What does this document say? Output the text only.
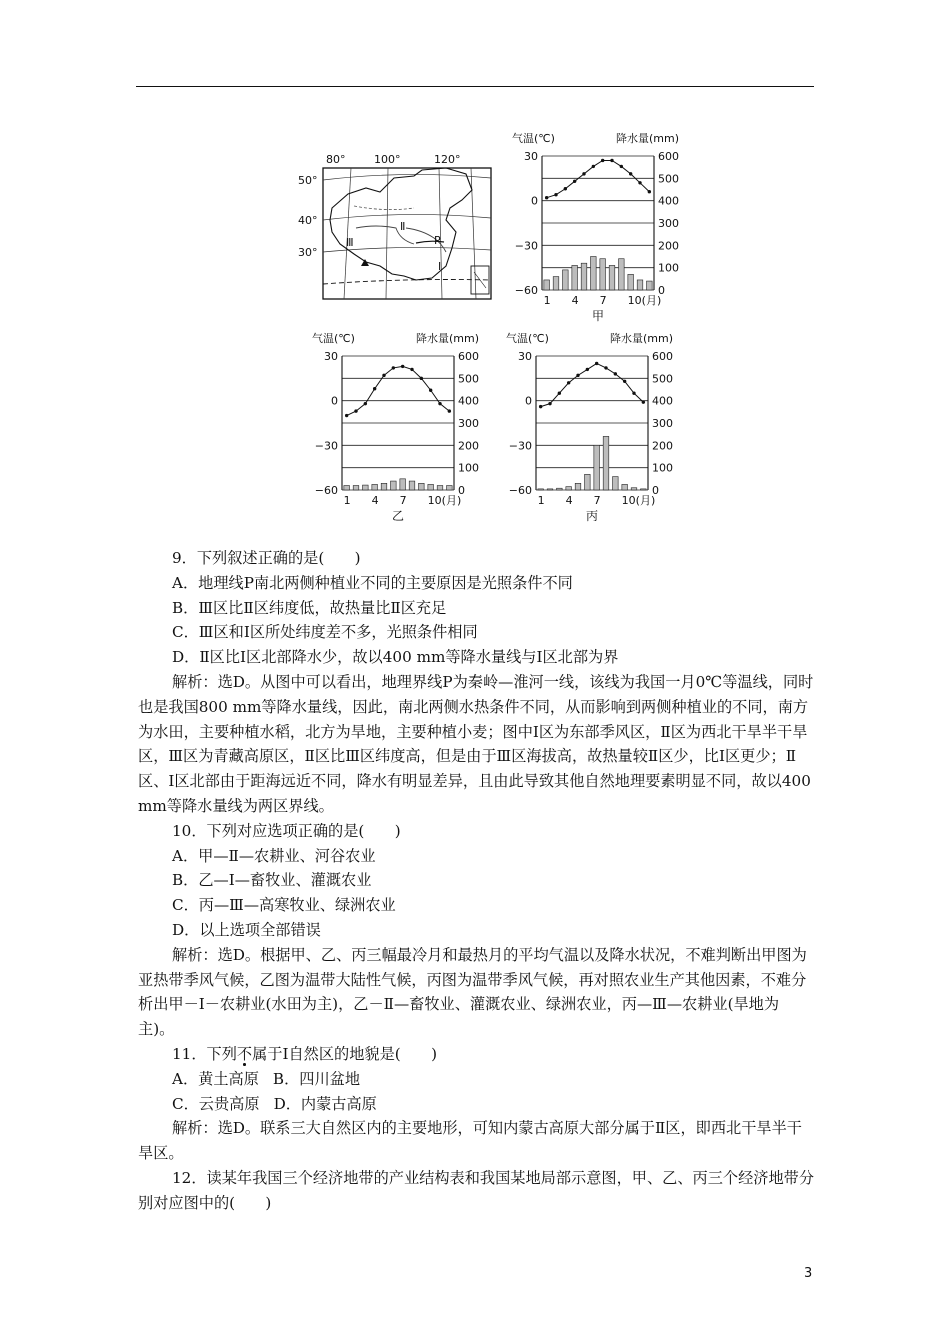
80°	100°	120°
50°
40°
30°
Ⅲ
Ⅱ
P
Ⅰ
气温(℃)	降水量(mm)
30
0
−30
−60
600
500
400
300
200
100
0
1 4 7 10(月)
甲
气温(℃)	降水量(mm)
30
0
−30
−60
600
500
400
300
200
100
0
1 4 7 10(月)
乙
气温(℃)	降水量(mm)
30
0
−30
−60
600
500
400
300
200
100
0
1 4 7 10(月)
丙

9．下列叙述正确的是(　　)

A．地理线P南北两侧种植业不同的主要原因是光照条件不同

B．Ⅲ区比Ⅱ区纬度低，故热量比Ⅱ区充足

C．Ⅲ区和Ⅰ区所处纬度差不多，光照条件相同

D．Ⅱ区比Ⅰ区北部降水少，故以400 mm等降水量线与Ⅰ区北部为界

解析：选D。从图中可以看出，地理界线P为秦岭—淮河一线，该线为我国一月0℃等温线，同时也是我国800 mm等降水量线，因此，南北两侧水热条件不同，从而影响到两侧种植业的不同，南方为水田，主要种植水稻，北方为旱地，主要种植小麦；图中Ⅰ区为东部季风区，Ⅱ区为西北干旱半干旱区，Ⅲ区为青藏高原区，Ⅱ区比Ⅲ区纬度高，但是由于Ⅲ区海拔高，故热量较Ⅱ区少，比Ⅰ区更少；Ⅱ区、Ⅰ区北部由于距海远近不同，降水有明显差异，且由此导致其他自然地理要素明显不同，故以400 mm等降水量线为两区界线。

10．下列对应选项正确的是(　　)

A．甲—Ⅱ—农耕业、河谷农业

B．乙—Ⅰ—畜牧业、灌溉农业

C．丙—Ⅲ—高寒牧业、绿洲农业

D．以上选项全部错误

解析：选D。根据甲、乙、丙三幅最冷月和最热月的平均气温以及降水状况，不难判断出甲图为亚热带季风气候，乙图为温带大陆性气候，丙图为温带季风气候，再对照农业生产其他因素，不难分析出甲－Ⅰ－农耕业(水田为主)，乙－Ⅱ—畜牧业、灌溉农业、绿洲农业，丙—Ⅲ—农耕业(旱地为主)。

11．下列不属于Ⅰ自然区的地貌是(　　)

A．黄土高原 B．四川盆地

C．云贵高原 D．内蒙古高原

解析：选D。联系三大自然区内的主要地形，可知内蒙古高原大部分属于Ⅱ区，即西北干旱半干旱区。

12．读某年我国三个经济地带的产业结构表和我国某地局部示意图，甲、乙、丙三个经济地带分别对应图中的(　　)

3
